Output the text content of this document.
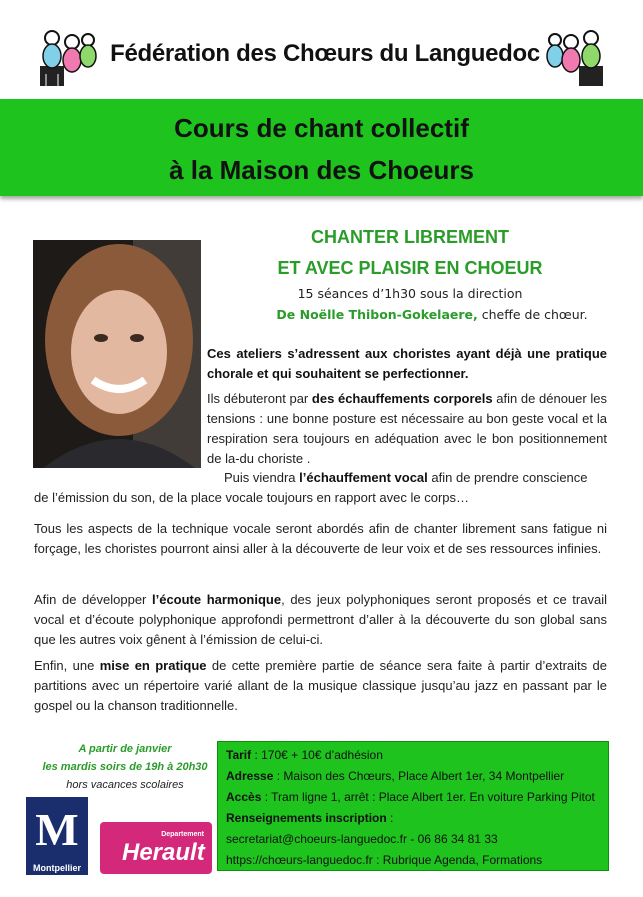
Fédération des Chœurs du Languedoc
Cours de chant collectif
à la Maison des Choeurs
CHANTER LIBREMENT
ET AVEC PLAISIR EN CHOEUR
15 séances d’1h30 sous la direction
De Noëlle Thibon-Gokelaere, cheffe de chœur.
Ces ateliers s’adressent aux choristes ayant déjà une pratique chorale et qui souhaitent se perfectionner.
Ils débuteront par des échauffements corporels afin de dénouer les tensions : une bonne posture est nécessaire au bon geste vocal et la respiration sera toujours en adéquation avec le bon positionnement de la-du choriste .
Puis viendra l’échauffement vocal afin de prendre conscience
de l’émission du son, de la place vocale toujours en rapport avec le corps…
Tous les aspects de la technique vocale seront abordés afin de chanter librement sans fatigue ni forçage, les choristes pourront ainsi aller à la découverte de leur voix et de ses ressources infinies.
Afin de développer l’écoute harmonique, des jeux polyphoniques seront proposés et ce travail vocal et d’écoute polyphonique approfondi permettront d’aller à la découverte du son global sans que les autres voix gênent à l’émission de celui-ci.
Enfin, une mise en pratique de cette première partie de séance sera faite à partir d’extraits de partitions avec un répertoire varié allant de la musique classique jusqu’au jazz en passant par le gospel ou la chanson traditionnelle.
A partir de janvier
les mardis soirs de 19h à 20h30
hors vacances scolaires
Tarif : 170€ + 10€ d’adhésion
Adresse : Maison des Chœurs, Place Albert 1er, 34 Montpellier
Accès : Tram ligne 1, arrêt : Place Albert 1er. En voiture Parking Pitot
Renseignements inscription :
secretariat@choeurs-languedoc.fr - 06 86 34 81 33
https://chœurs-languedoc.fr : Rubrique Agenda, Formations
M
Montpellier
Departement
Herault
